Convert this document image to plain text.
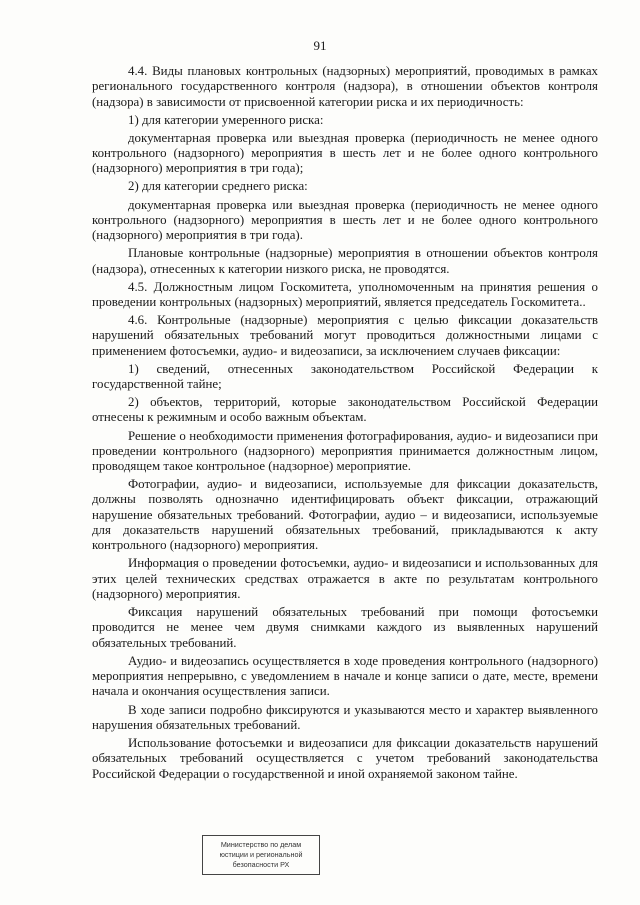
91

4.4. Виды плановых контрольных (надзорных) мероприятий, проводимых в рамках регионального государственного контроля (надзора), в отношении объектов контроля (надзора) в зависимости от присвоенной категории риска и их периодичность:

1) для категории умеренного риска:

документарная проверка или выездная проверка (периодичность не менее одного контрольного (надзорного) мероприятия в шесть лет и не более одного контрольного (надзорного) мероприятия в три года);

2) для категории среднего риска:

документарная проверка или выездная проверка (периодичность не менее одного контрольного (надзорного) мероприятия в шесть лет и не более одного контрольного (надзорного) мероприятия в три года).

Плановые контрольные (надзорные) мероприятия в отношении объектов контроля (надзора), отнесенных к категории низкого риска, не проводятся.

4.5. Должностным лицом Госкомитета, уполномоченным на принятия решения о проведении контрольных (надзорных) мероприятий, является председатель Госкомитета..

4.6. Контрольные (надзорные) мероприятия с целью фиксации доказательств нарушений обязательных требований могут проводиться должностными лицами с применением фотосъемки, аудио- и видеозаписи, за исключением случаев фиксации:

1) сведений, отнесенных законодательством Российской Федерации к государственной тайне;

2) объектов, территорий, которые законодательством Российской Федерации отнесены к режимным и особо важным объектам.

Решение о необходимости применения фотографирования, аудио- и видеозаписи при проведении контрольного (надзорного) мероприятия принимается должностным лицом, проводящем такое контрольное (надзорное) мероприятие.

Фотографии, аудио- и видеозаписи, используемые для фиксации доказательств, должны позволять однозначно идентифицировать объект фиксации, отражающий нарушение обязательных требований. Фотографии, аудио – и видеозаписи, используемые для доказательств нарушений обязательных требований, прикладываются к акту контрольного (надзорного) мероприятия.

Информация о проведении фотосъемки, аудио- и видеозаписи и использованных для этих целей технических средствах отражается в акте по результатам контрольного (надзорного) мероприятия.

Фиксация нарушений обязательных требований при помощи фотосъемки проводится не менее чем двумя снимками каждого из выявленных нарушений обязательных требований.

Аудио- и видеозапись осуществляется в ходе проведения контрольного (надзорного) мероприятия непрерывно, с уведомлением в начале и конце записи о дате, месте, времени начала и окончания осуществления записи.

В ходе записи подробно фиксируются и указываются место и характер выявленного нарушения обязательных требований.

Использование фотосъемки и видеозаписи для фиксации доказательств нарушений обязательных требований осуществляется с учетом требований законодательства Российской Федерации о государственной и иной охраняемой законом тайне.

Министерство по делам
юстиции и региональной
безопасности РХ
